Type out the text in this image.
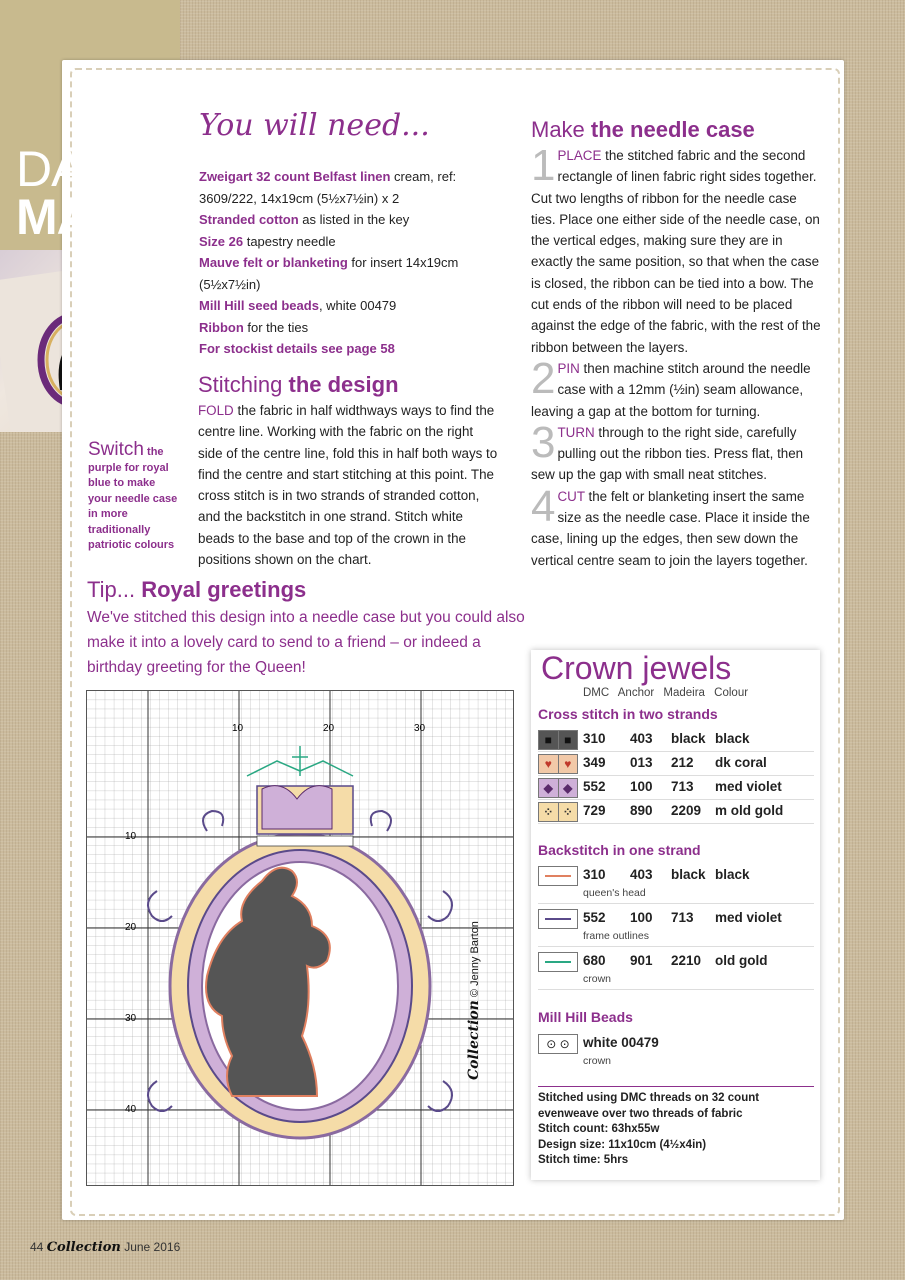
DAINTY
MAKES
Switch the purple for royal blue to make your needle case in more traditionally patriotic colours
You will need...

Zweigart 32 count Belfast linen cream, ref: 3609/222, 14x19cm (5½x7½in) x 2

Stranded cotton as listed in the key

Size 26 tapestry needle

Mauve felt or blanketing for insert 14x19cm (5½x7½in)

Mill Hill seed beads, white 00479

Ribbon for the ties

For stockist details see page 58

Stitching the design
FOLD the fabric in half widthways ways to find the centre line. Working with the fabric on the right side of the centre line, fold this in half both ways to find the centre and start stitching at this point. The cross stitch is in two strands of stranded cotton, and the backstitch in one strand. Stitch white beads to the base and top of the crown in the positions shown on the chart.
Make the needle case
1 PLACE the stitched fabric and the second rectangle of linen fabric right sides together. Cut two lengths of ribbon for the needle case ties. Place one either side of the needle case, on the vertical edges, making sure they are in exactly the same position, so that when the case is closed, the ribbon can be tied into a bow. The cut ends of the ribbon will need to be placed against the edge of the fabric, with the rest of the ribbon between the layers.
2 PIN then machine stitch around the needle case with a 12mm (½in) seam allowance, leaving a gap at the bottom for turning.
3 TURN through to the right side, carefully pulling out the ribbon ties. Press flat, then sew up the gap with small neat stitches.
4 CUT the felt or blanketing insert the same size as the needle case. Place it inside the case, lining up the edges, then sew down the vertical centre seam to join the layers together.
Tip... Royal greetings
We've stitched this design into a needle case but you could also make it into a lovely card to send to a friend – or indeed a birthday greeting for the Queen!
10	20	30
10
20
30
40
Collection © Jenny Barton
Crown jewels
DMC Anchor Madeira Colour
Cross stitch in two strands
■	■ 310 403 black black
♥	♥ 349 013 212 dk coral
◆ ◆ 552 100 713 med violet
⁘ ⁘ 729 890 2209 m old gold
Backstitch in one strand
310 403 black black
queen's head
552 100 713 med violet
frame outlines
680 901 2210 old gold
crown
Mill Hill Beads
⊙ ⊙ white 00479
crown
Stitched using DMC threads on 32 count evenweave over two threads of fabric
Stitch count: 63hx55w
Design size: 11x10cm (4½x4in)
Stitch time: 5hrs
44 Collection June 2016
